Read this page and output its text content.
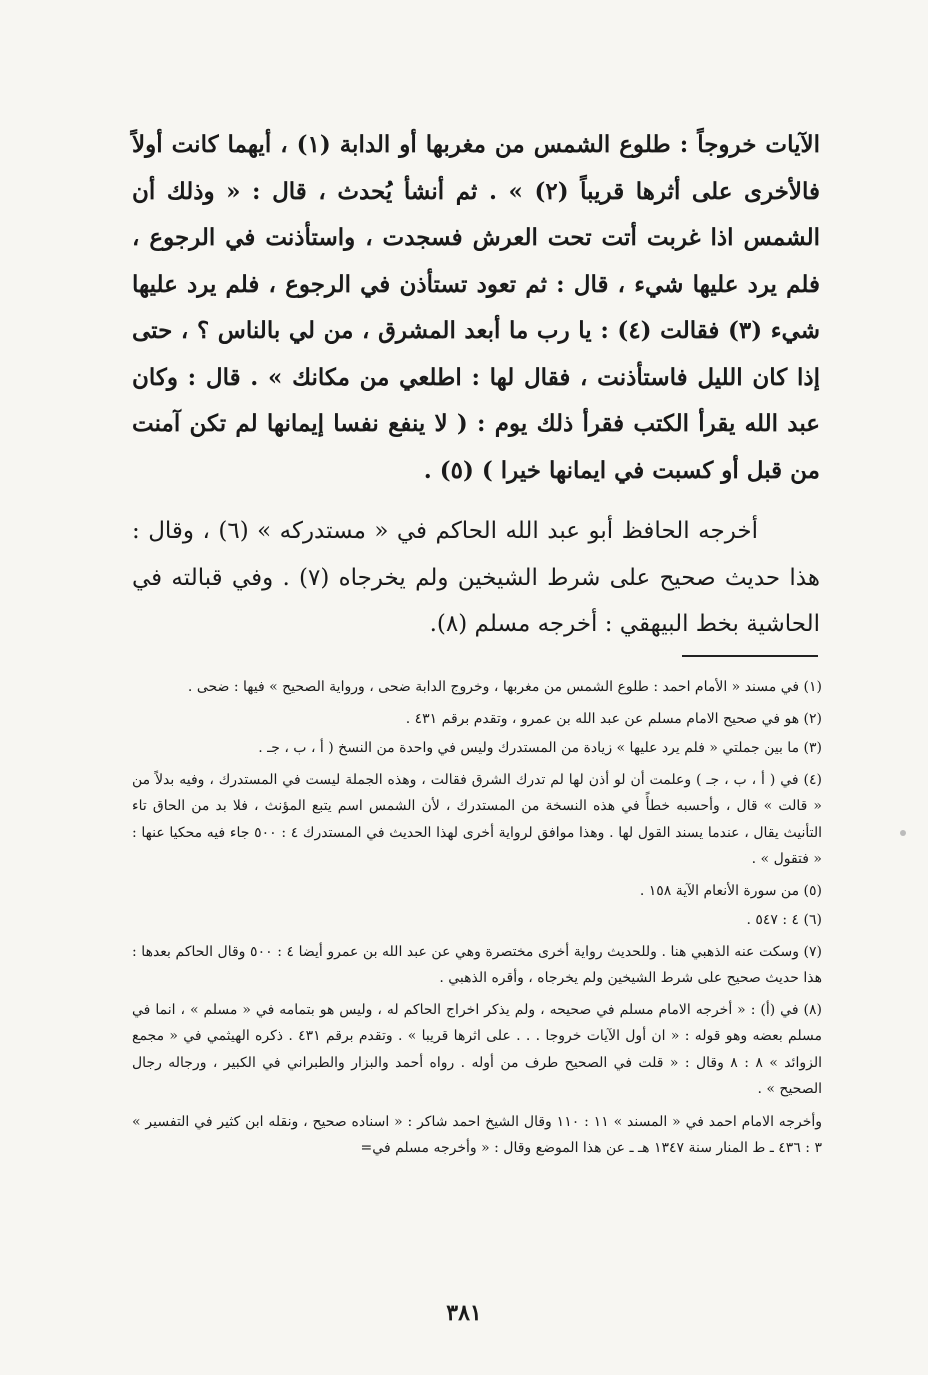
الآيات خروجاً : طلوع الشمس من مغربها أو الدابة (١) ، أيهما كانت أولاً فالأخرى على أثرها قريباً (٢) » . ثم أنشأ يُحدث ، قال : « وذلك أن الشمس اذا غربت أتت تحت العرش فسجدت ، واستأذنت في الرجوع ، فلم يرد عليها شيء ، قال : ثم تعود تستأذن في الرجوع ، فلم يرد عليها شيء (٣) فقالت (٤) : يا رب ما أبعد المشرق ، من لي بالناس ؟ ، حتى إذا كان الليل فاستأذنت ، فقال لها : اطلعي من مكانك » . قال : وكان عبد الله يقرأ الكتب فقرأ ذلك يوم : ( لا ينفع نفسا إيمانها لم تكن آمنت من قبل أو كسبت في ايمانها خيرا ) (٥) .

أخرجه الحافظ أبو عبد الله الحاكم في « مستدركه » (٦) ، وقال : هذا حديث صحيح على شرط الشيخين ولم يخرجاه (٧) . وفي قبالته في الحاشية بخط البيهقي : أخرجه مسلم (٨).

(١) في مسند « الأمام احمد : طلوع الشمس من مغربها ، وخروج الدابة ضحى ، ورواية الصحيح » فيها : ضحى .

(٢) هو في صحيح الامام مسلم عن عبد الله بن عمرو ، وتقدم برقم ٤٣١ .

(٣) ما بين جملتي « فلم يرد عليها » زيادة من المستدرك وليس في واحدة من النسخ ( أ ، ب ، جـ .

(٤) في ( أ ، ب ، جـ ) وعلمت أن لو أذن لها لم تدرك الشرق فقالت ، وهذه الجملة ليست في المستدرك ، وفيه بدلاً من « قالت » قال ، وأحسبه خطأً في هذه النسخة من المستدرك ، لأن الشمس اسم يتبع المؤنث ، فلا بد من الحاق تاء التأنيث يقال ، عندما يسند القول لها . وهذا موافق لرواية أخرى لهذا الحديث في المستدرك ٤ : ٥٠٠ جاء فيه محكيا عنها : « فتقول » .

(٥) من سورة الأنعام الآية ١٥٨ .

(٦) ٤ : ٥٤٧ .

(٧) وسكت عنه الذهبي هنا . وللحديث رواية أخرى مختصرة وهي عن عبد الله بن عمرو أيضا ٤ : ٥٠٠ وقال الحاكم بعدها : هذا حديث صحيح على شرط الشيخين ولم يخرجاه ، وأقره الذهبي .

(٨) في (أ) : « أخرجه الامام مسلم في صحيحه ، ولم يذكر اخراج الحاكم له ، وليس هو بتمامه في « مسلم » ، انما في مسلم بعضه وهو قوله : « ان أول الآيات خروجا . . . على اثرها قريبا » . وتقدم برقم ٤٣١ . ذكره الهيثمي في « مجمع الزوائد » ٨ : ٨ وقال : « قلت في الصحيح طرف من أوله . رواه أحمد والبزار والطبراني في الكبير ، ورجاله رجال الصحيح » .

وأخرجه الامام احمد في « المسند » ١١ : ١١٠ وقال الشيخ احمد شاكر : « اسناده صحيح ، ونقله ابن كثير في التفسير » ٣ : ٤٣٦ ـ ط المنار سنة ١٣٤٧ هـ ـ عن هذا الموضع وقال : « وأخرجه مسلم في=

٣٨١
